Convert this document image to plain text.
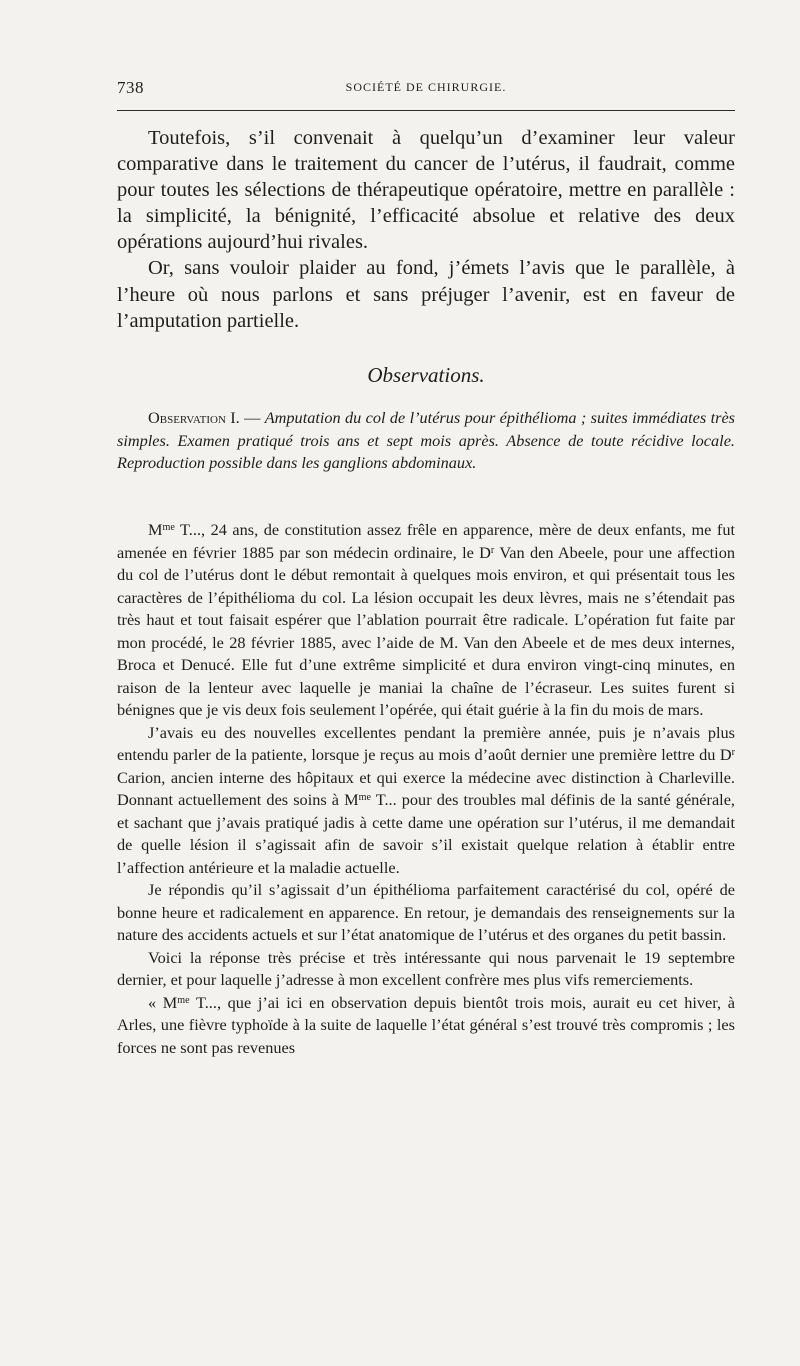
738	SOCIÉTÉ DE CHIRURGIE.

Toutefois, s’il convenait à quelqu’un d’examiner leur valeur comparative dans le traitement du cancer de l’utérus, il faudrait, comme pour toutes les sélections de thérapeutique opératoire, mettre en parallèle : la simplicité, la bénignité, l’efficacité absolue et relative des deux opérations aujourd’hui rivales.

Or, sans vouloir plaider au fond, j’émets l’avis que le parallèle, à l’heure où nous parlons et sans préjuger l’avenir, est en faveur de l’amputation partielle.

Observations.

Observation I. — Amputation du col de l’utérus pour épithélioma ; suites immédiates très simples. Examen pratiqué trois ans et sept mois après. Absence de toute récidive locale. Reproduction possible dans les ganglions abdominaux.

$M^{me}$ T..., 24 ans, de constitution assez frêle en apparence, mère de deux enfants, me fut amenée en février 1885 par son médecin ordinaire, le $D^r$ Van den Abeele, pour une affection du col de l’utérus dont le début remontait à quelques mois environ, et qui présentait tous les caractères de l’épithélioma du col. La lésion occupait les deux lèvres, mais ne s’étendait pas très haut et tout faisait espérer que l’ablation pourrait être radicale. L’opération fut faite par mon procédé, le 28 février 1885, avec l’aide de M. Van den Abeele et de mes deux internes, Broca et Denucé. Elle fut d’une extrême simplicité et dura environ vingt-cinq minutes, en raison de la lenteur avec laquelle je maniai la chaîne de l’écraseur. Les suites furent si bénignes que je vis deux fois seulement l’opérée, qui était guérie à la fin du mois de mars.

J’avais eu des nouvelles excellentes pendant la première année, puis je n’avais plus entendu parler de la patiente, lorsque je reçus au mois d’août dernier une première lettre du $D^r$ Carion, ancien interne des hôpitaux et qui exerce la médecine avec distinction à Charleville. Donnant actuellement des soins à $M^{me}$ T... pour des troubles mal définis de la santé générale, et sachant que j’avais pratiqué jadis à cette dame une opération sur l’utérus, il me demandait de quelle lésion il s’agissait afin de savoir s’il existait quelque relation à établir entre l’affection antérieure et la maladie actuelle.

Je répondis qu’il s’agissait d’un épithélioma parfaitement caractérisé du col, opéré de bonne heure et radicalement en apparence. En retour, je demandais des renseignements sur la nature des accidents actuels et sur l’état anatomique de l’utérus et des organes du petit bassin.

Voici la réponse très précise et très intéressante qui nous parvenait le 19 septembre dernier, et pour laquelle j’adresse à mon excellent confrère mes plus vifs remerciements.

« $M^{me}$ T..., que j’ai ici en observation depuis bientôt trois mois, aurait eu cet hiver, à Arles, une fièvre typhoïde à la suite de laquelle l’état général s’est trouvé très compromis ; les forces ne sont pas revenues
